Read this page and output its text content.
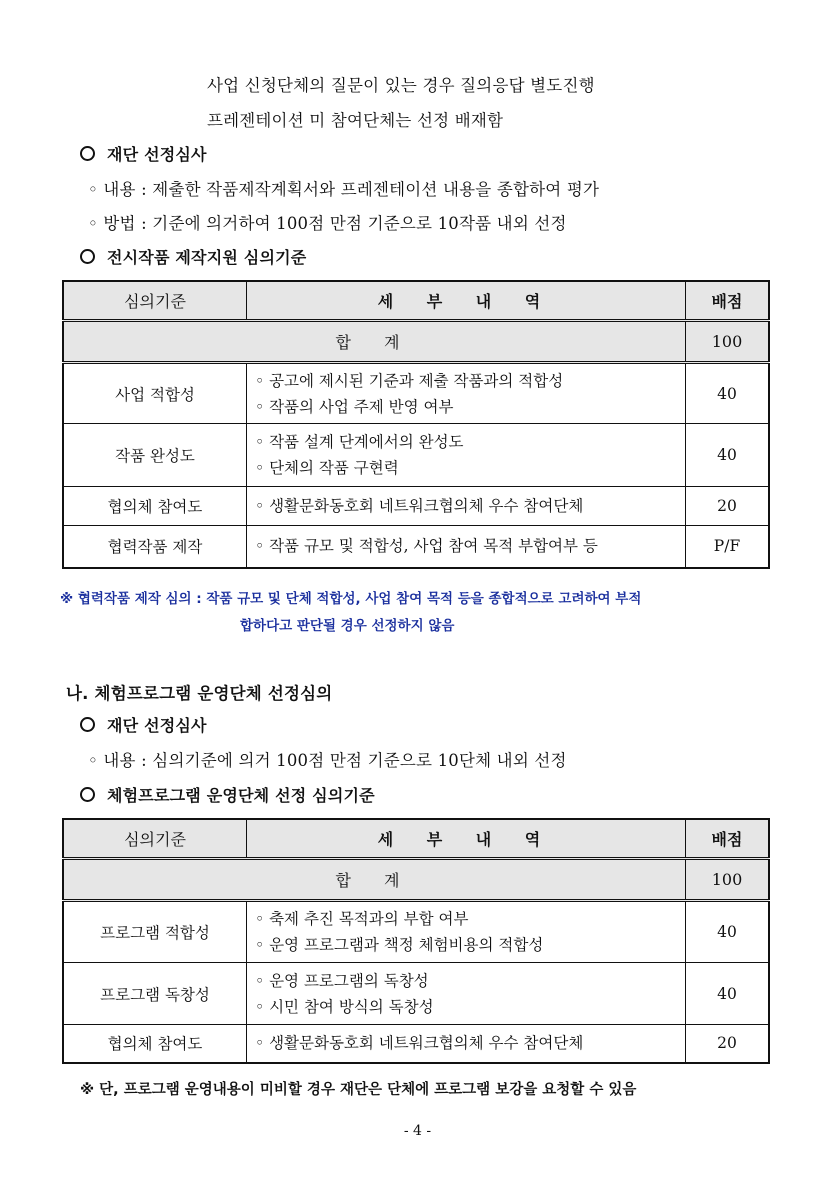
사업 신청단체의 질문이 있는 경우 질의응답 별도진행
프레젠테이션 미 참여단체는 선정 배재함
재단 선정심사
◦ 내용 : 제출한 작품제작계획서와 프레젠테이션 내용을 종합하여 평가
◦ 방법 : 기준에 의거하여 100점 만점 기준으로 10작품 내외 선정
전시작품 제작지원 심의기준
심의기준	세 부 내 역	배점
합 계		100
사업 적합성	◦ 공고에 제시된 기준과 제출 작품과의 적합성
◦ 작품의 사업 주제 반영 여부	40
작품 완성도	◦ 작품 설계 단계에서의 완성도
◦ 단체의 작품 구현력	40
협의체 참여도	◦ 생활문화동호회 네트워크협의체 우수 참여단체	20
협력작품 제작	◦ 작품 규모 및 적합성, 사업 참여 목적 부합여부 등	P/F
※ 협력작품 제작 심의 : 작품 규모 및 단체 적합성, 사업 참여 목적 등을 종합적으로 고려하여 부적
합하다고 판단될 경우 선정하지 않음
나. 체험프로그램 운영단체 선정심의
재단 선정심사
◦ 내용 : 심의기준에 의거 100점 만점 기준으로 10단체 내외 선정
체험프로그램 운영단체 선정 심의기준
심의기준	세 부 내 역	배점
합 계		100
프로그램 적합성	◦ 축제 추진 목적과의 부합 여부
◦ 운영 프로그램과 책정 체험비용의 적합성	40
프로그램 독창성	◦ 운영 프로그램의 독창성
◦ 시민 참여 방식의 독창성	40
협의체 참여도	◦ 생활문화동호회 네트워크협의체 우수 참여단체	20
※ 단, 프로그램 운영내용이 미비할 경우 재단은 단체에 프로그램 보강을 요청할 수 있음
- 4 -
